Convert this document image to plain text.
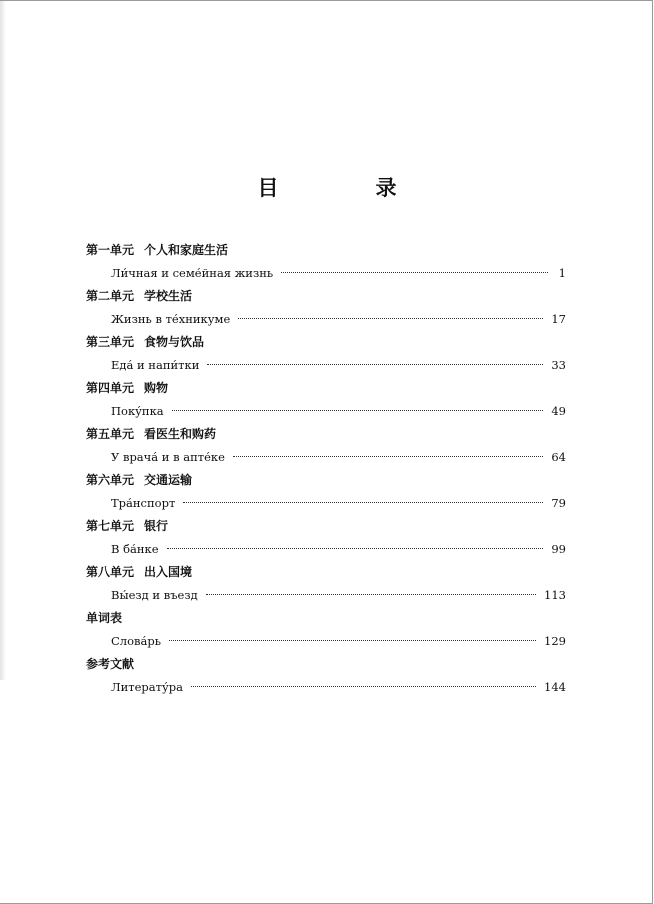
目　录
第一单元 个人和家庭生活
Ли́чная и семе́йная жизнь	1
第二单元 学校生活
Жизнь в те́хникуме	17
第三单元 食物与饮品
Еда́ и напи́тки	33
第四单元 购物
Поку́пка	49
第五单元 看医生和购药
У врача́ и в апте́ке	64
第六单元 交通运输
Тра́нспорт	79
第七单元 银行
В ба́нке	99
第八单元 出入国境
Вы́езд и въезд	113
单词表
Слова́рь	129
参考文献
Литерату́ра	144
